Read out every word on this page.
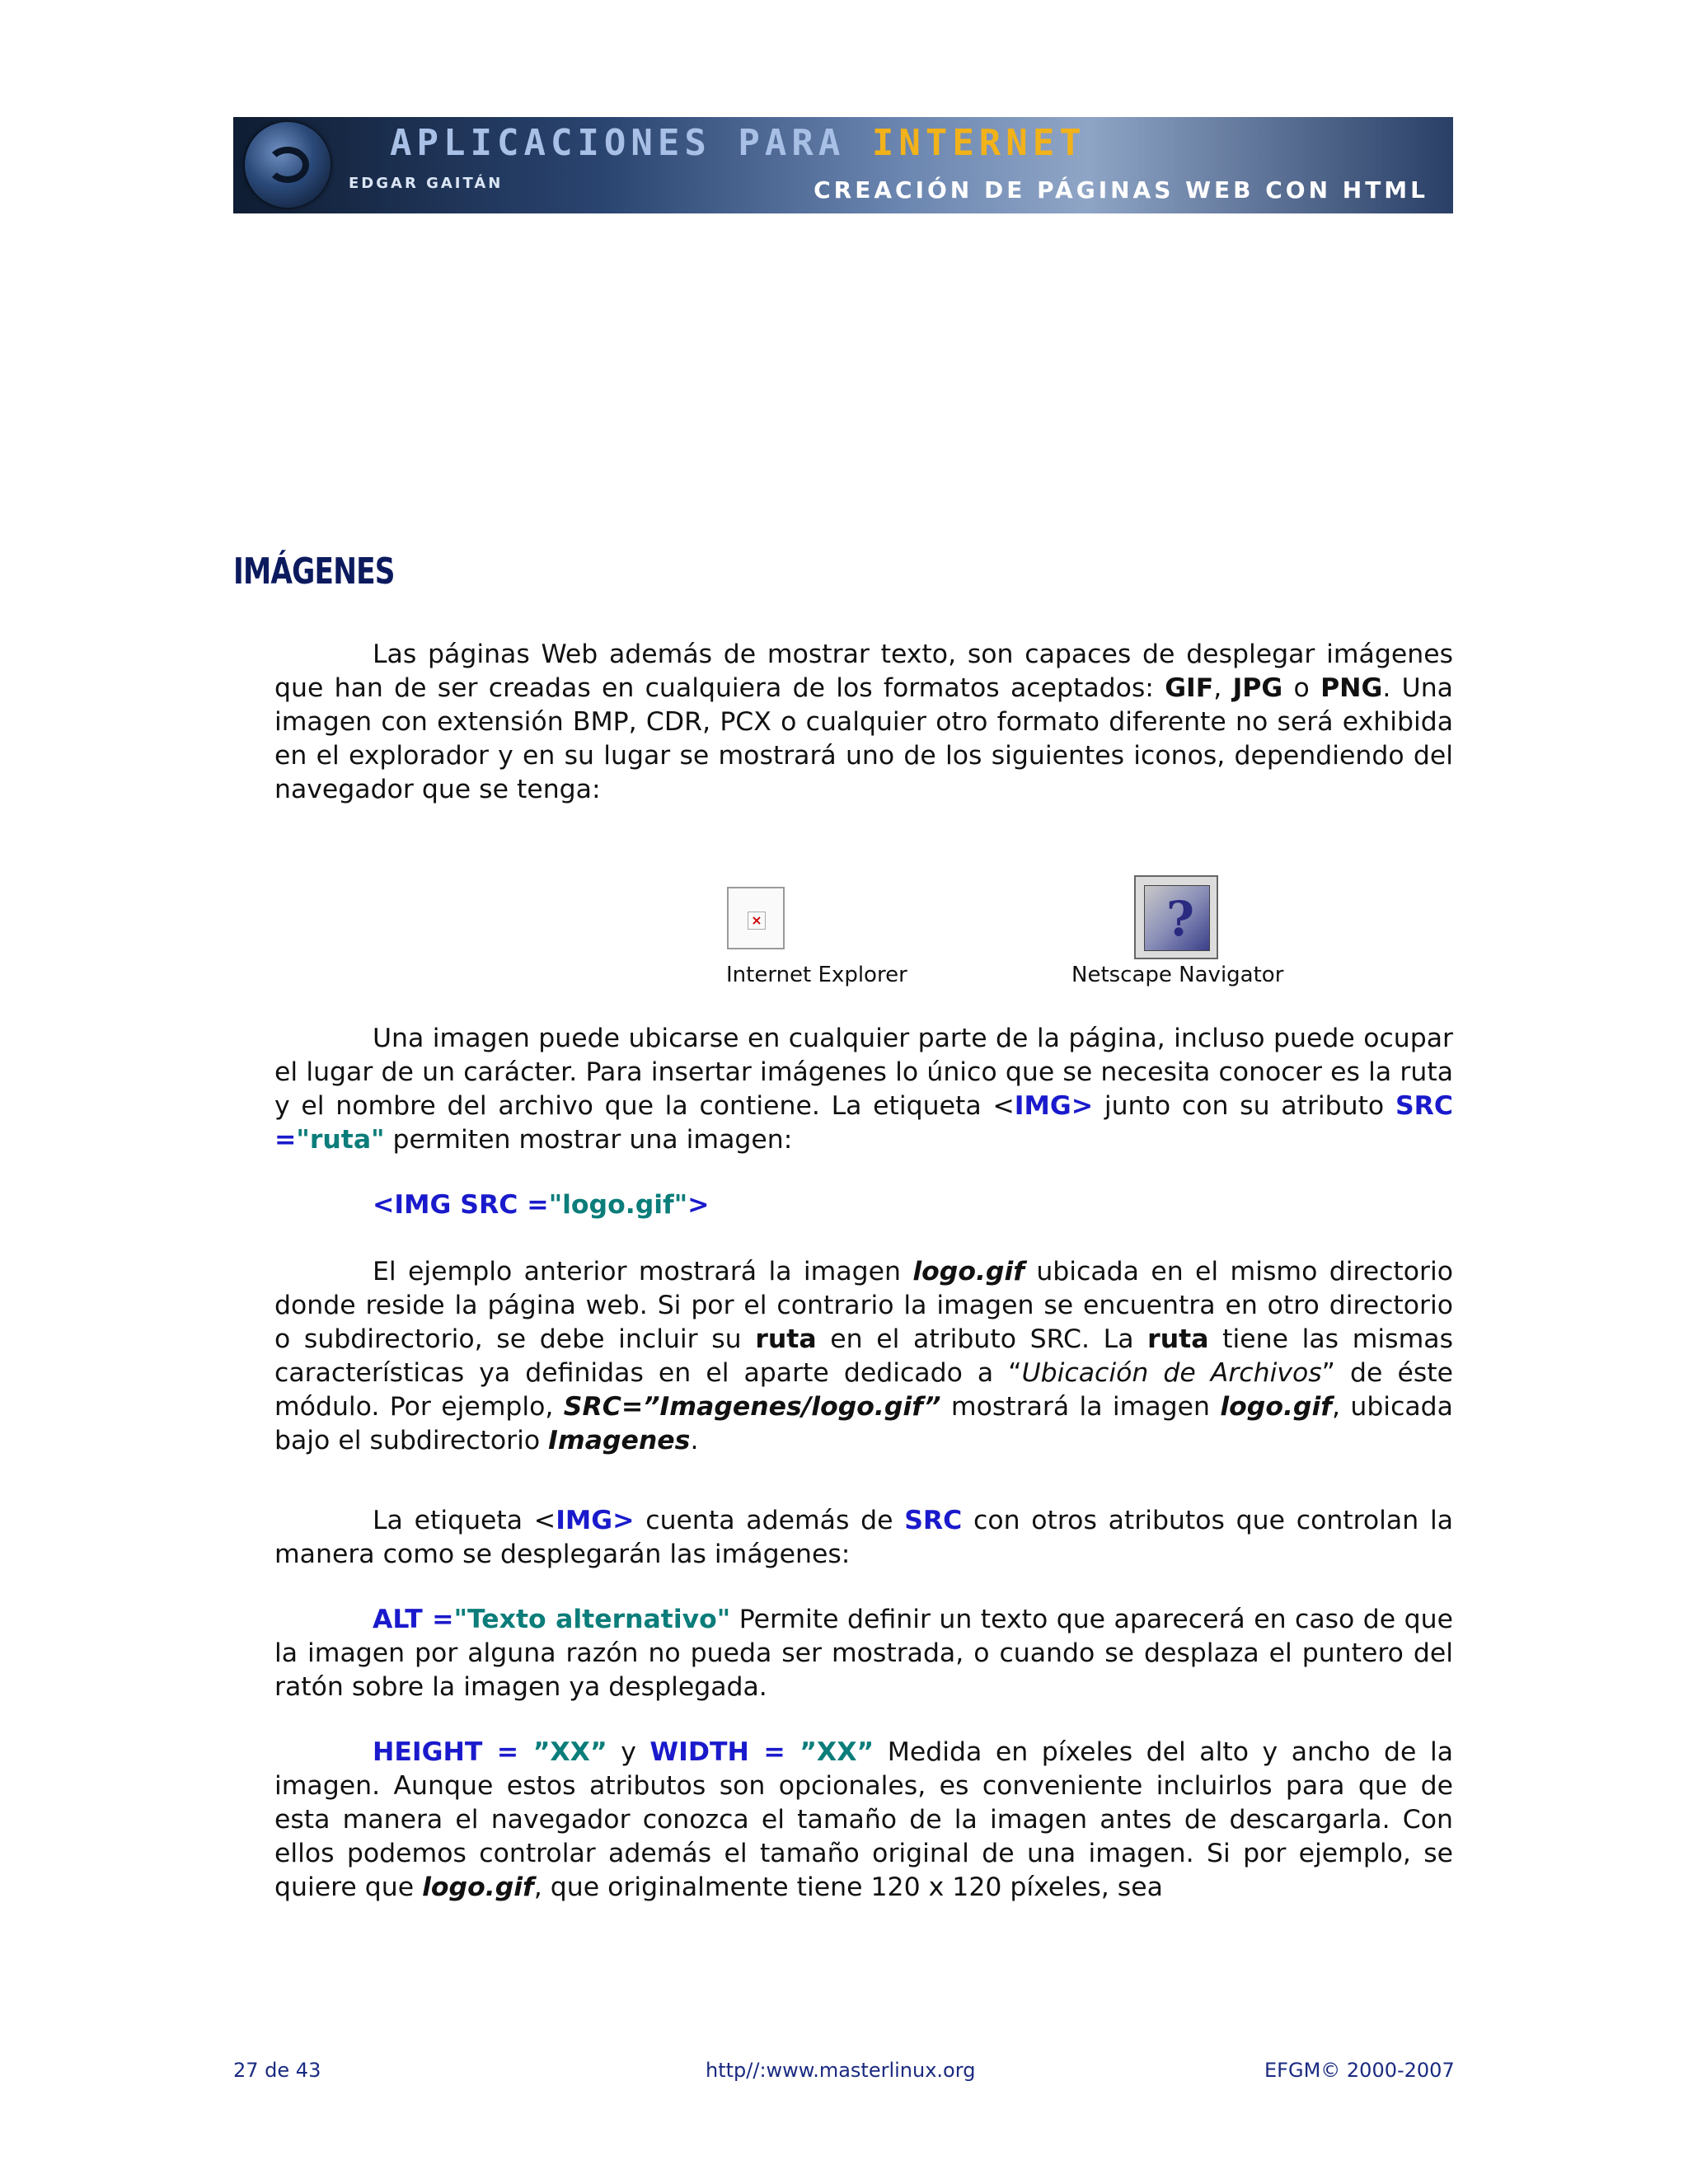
APLICACIONES PARA INTERNET
EDGAR GAITÁN	CREACIÓN DE PÁGINAS WEB CON HTML
IMÁGENES

Las páginas Web además de mostrar texto, son capaces de desplegar imágenes que han de ser creadas en cualquiera de los formatos aceptados: GIF, JPG o PNG. Una imagen con extensión BMP, CDR, PCX o cualquier otro formato diferente no será exhibida en el explorador y en su lugar se mostrará uno de los siguientes iconos, dependiendo del navegador que se tenga:

×	?
Internet Explorer	Netscape Navigator

Una imagen puede ubicarse en cualquier parte de la página, incluso puede ocupar el lugar de un carácter. Para insertar imágenes lo único que se necesita conocer es la ruta y el nombre del archivo que la contiene. La etiqueta <IMG> junto con su atributo SRC ="ruta" permiten mostrar una imagen:

<IMG SRC ="logo.gif">

El ejemplo anterior mostrará la imagen logo.gif ubicada en el mismo directorio donde reside la página web. Si por el contrario la imagen se encuentra en otro directorio o subdirectorio, se debe incluir su ruta en el atributo SRC. La ruta tiene las mismas características ya definidas en el aparte dedicado a “Ubicación de Archivos” de éste módulo. Por ejemplo, SRC=”Imagenes/logo.gif” mostrará la imagen logo.gif, ubicada bajo el subdirectorio Imagenes.

La etiqueta <IMG> cuenta además de SRC con otros atributos que controlan la manera como se desplegarán las imágenes:

ALT ="Texto alternativo" Permite definir un texto que aparecerá en caso de que la imagen por alguna razón no pueda ser mostrada, o cuando se desplaza el puntero del ratón sobre la imagen ya desplegada.

HEIGHT = ”XX” y WIDTH = ”XX” Medida en píxeles del alto y ancho de la imagen. Aunque estos atributos son opcionales, es conveniente incluirlos para que de esta manera el navegador conozca el tamaño de la imagen antes de descargarla. Con ellos podemos controlar además el tamaño original de una imagen. Si por ejemplo, se quiere que logo.gif, que originalmente tiene 120 x 120 píxeles, sea

27 de 43	http//:www.masterlinux.org	EFGM© 2000-2007
